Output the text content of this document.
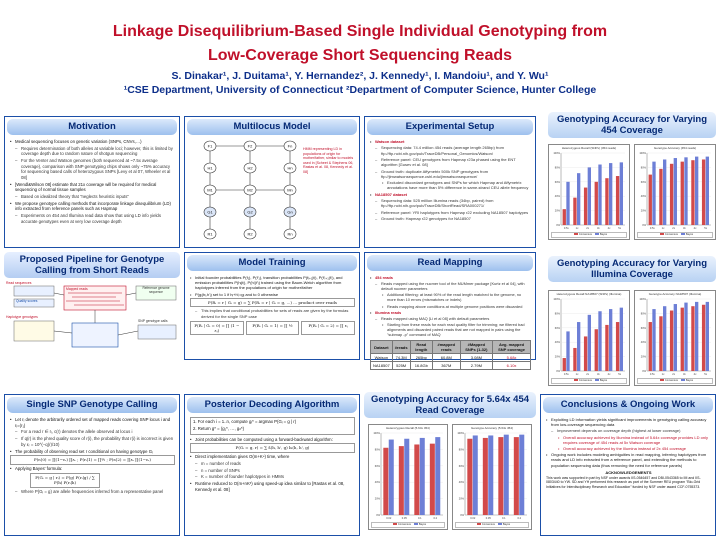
Linkage Disequilibrium-Based Single Individual Genotyping from
Low-Coverage Short Sequencing Reads
S. Dinakar¹, J. Duitama¹, Y. Hernandez², J. Kennedy¹, I. Mandoiu¹, and Y. Wu¹
¹CSE Department, University of Connecticut ²Department of Computer Science, Hunter College
Motivation

• Medical sequencing focuses on genetic variation (SNPs, CNVs,…)

– Requires determination of both alleles at variable loci; however, this is limited by coverage depth due to random nature of shotgun sequencing

– For the Venter and Watson genomes (both sequenced at ~7.5x average coverage), comparison with SNP genotyping chips shows only ~75% accuracy for sequencing based calls of heterozygous SNPs [Levy et al 07, Wheeler et al 08]

• [Wendl&Wilson 08] estimate that 21x coverage will be required for medical sequencing of normal tissue samples

– Based on idealized theory that "neglects heuristic inputs"

• We propose genotype calling methods that incorporate linkage disequilibrium (LD) info extracted from reference panels such as Hapmap

– Experiments on 454 and Illumina read data show that using LD info yields accurate genotypes even at very low coverage depth

Multilocus Model
F1	F2	Fn
H1	H2	Hn
M1	M2	Mn
G1	G2	Gn
R1	R2	Rn
HMM representing LD in populations of origin for mother/father, similar to models used in [Scheet & Stephens 06, Rastas et al. 08, Kennedy et al. 08]
Experimental Setup

• Watson dataset

– Sequencing data: 74.4 million 454 reads (average length 265bp) from ftp://ftp.ncbi.nih.gov/pub/TraceDB/Personal_Genomics/Watson/

– Reference panel: CEU genotypes from Hapmap r23a phased using the ENT algorithm [Gusev et al. 08]

– Ground truth: duplicate Affymetrix 500k SNP genotypes from ftp://jimwatsonsequence.cshl.edu/jimwatsonsequence/

• Excluded discordant genotypes and SNPs for which Hapmap and Affymetrix annotations have more than 5% difference in same-strand CEU allele frequency

• NA18507 dataset

– Sequencing data: 525 million Illumina reads (34bp, paired) from ftp://ftp.ncbi.nih.gov/pub/TraceDB/ShortRead/SRA000271/

– Reference panel: YRI haplotypes from Hapmap r22 excluding NA18507 haplotypes

– Ground truth: Hapmap r22 genotypes for NA18507

Genotyping Accuracy for Varying 454 Coverage
Heterozygous Recall (SNPs) (454 reads)
0%
20%
40%
60%
80%
100%
0.5x	1x	2x	3x	4x	5x
Consensus	Bayes
Genotype Accuracy (454 reads)
0%
20%
40%
60%
80%
100%
0.5x	1x	2x	3x	4x	5x
Consensus	Bayes
Proposed Pipeline for Genotype Calling from Short Reads
Read sequences
Quality scores
Mapped reads	Reference genome sequence
Haplotype genotypes
SNP genotype calls
Model Training

• Initial founder probabilities P(f₁), P(f'₁), transition probabilities P(fᵢ₊₁|fᵢ), P(f'ᵢ₊₁|f'ᵢ), and emission probabilities P(hᵢ|fᵢ), P(h'ᵢ|f'ᵢ) trained using the Baum-Welch algorithm from haplotypes inferred from the populations of origin for mother/father

• P(gᵢ|hᵢ,h'ᵢ) set to 1 if hᵢ+h'ᵢ=gᵢ and to 0 otherwise

P(Rᵢ = r | Gᵢ = g) = ∑ P(Rᵢ = r | Gᵢ = g, ...) ... product over reads

– This implies that conditional probabilities for sets of reads are given by the formulas derived for the single SNP case

P(Rᵢ | Gᵢ = 0) = ∏ (1 − εⱼ)
P(Rᵢ | Gᵢ = 1) = ∏ ½	P(Rᵢ | Gᵢ = 2) = ∏ εⱼ
Read Mapping

• 454 reads

– Reads mapped using the nucmer tool of the MUMmer package [Kurtz et al 04], with default nucmer parameters

• Additional filtering: at least 90% of the read length matched to the genome, no more than 10 errors (mismatches or indels)

• Reads mapping above conditions at multiple genome positions were discarded

• Illumina reads

– Reads mapped using MAQ [Li et al 08] with default parameters

• Starting from these reads for each read quality filter for trimming; we filtered bad alignments and discarded paired reads that are not mapped in pairs using the "submap -p" command of MAQ

Dataset	#reads	Read length	#mapped reads	#Mapped SNPs (1-32)	Avg. mapped SNP coverage
Watson	74.3M	265bp	60.8M	3.08M	5.68x
NA18507	525M	16.8Gb	367M	2.79M	6.10x
Genotyping Accuracy for Varying Illumina Coverage
Heterozygous Recall NA18507 (SNPs) (Illumina)
0%
20%
40%
60%
80%
100%
0.5x	1x	2x	3x	4x	5x
Consensus	Bayes
Genotype Accuracy NA18507 (Illumina)
0%
20%
40%
60%
80%
100%
0.5x	1x	2x	3x	4x	5x
Consensus	Bayes
Single SNP Genotype Calling

• Let rᵢ denote the arbitrarily ordered set of mapped reads covering SNP locus i and rᵢ=(r₁)

– For a read r ∈ rᵢ, c(r) denotes the allele observed at locus i

– If q(r) is the phred quality score of r(i), the probability that r(i) is incorrect is given by εᵣ = 10^(−q(r)/10)

• The probability of observing read set r conditional on having genotype Gᵢ

P(rᵢ|0) = ∏(1−εᵣ) ∏εᵣ ; P(rᵢ|1) = ∏½ ; P(rᵢ|2) = ∏εᵣ ∏(1−εᵣ)

• Applying Bayes' formula:

P(Gᵢ = g | rᵢ) = P(g) P(rᵢ|g) / ∑ P(h) P(rᵢ|h)

– Where P(Gᵢ = g) are allele frequencies inferred from a representative panel

Posterior Decoding Algorithm

1. For each i = 1..n, compute gᵢ* = argmax P(Gᵢ = g | r)

2. Return g* = (g₁*, …, gₙ*)

• Joint probabilities can be computed using a forward-backward algorithm:

P(Gᵢ = g, r) = ∑ fᵢ(h, h', g) bᵢ(h, h', g)

• Direct implementation gives O(m+K⁴) time, where

– m = number of reads

– n = number of SNPs

– K = number of founder haplotypes in HMMs

• Runtime reduced to O(m+nK³) using speed-up idea similar to [Rastas et al. 08, Kennedy et al. 08]

Genotyping Accuracy for 5.64x 454 Read Coverage
Heterozygous Recall (5.64x 454)
0%
20%
40%
60%
80%
100%
0.02	0.05	0.1	0.2
Consensus	Bayes
Genotype Accuracy (5.64x 454)
0%
20%
40%
60%
80%
100%
0.02	0.05	0.1	0.2
Consensus	Bayes
Conclusions & Ongoing Work

• Exploiting LD information yields significant improvements in genotyping calling accuracy from low-coverage sequencing data

– Improvement depends on coverage depth (highest at lower coverage)

• Overall accuracy achieved by Illumina instead of 5.64x coverage provides LD only requires coverage of 454 reads at 5x Watson coverage

• Overall accuracy achieved by the Illumina instead of 2x 454 coverage

• Ongoing work includes modeling ambiguities in read mapping, inferring haplotypes from reads and LD info extracted from a reference panel, and extending the methods to population sequencing data (thus removing the need for reference panels)

ACKNOWLEDGEMENTS

This work was supported in part by NSF under awards IIS-0546457 and DBI-0543365 to IM and IIS-0803440 to YW. SD and YH performed this research as part of the Summer REU program "Bio-Grid Initiatives for Interdisciplinary Research and Education" funded by NSF under award CCF-0755373.
